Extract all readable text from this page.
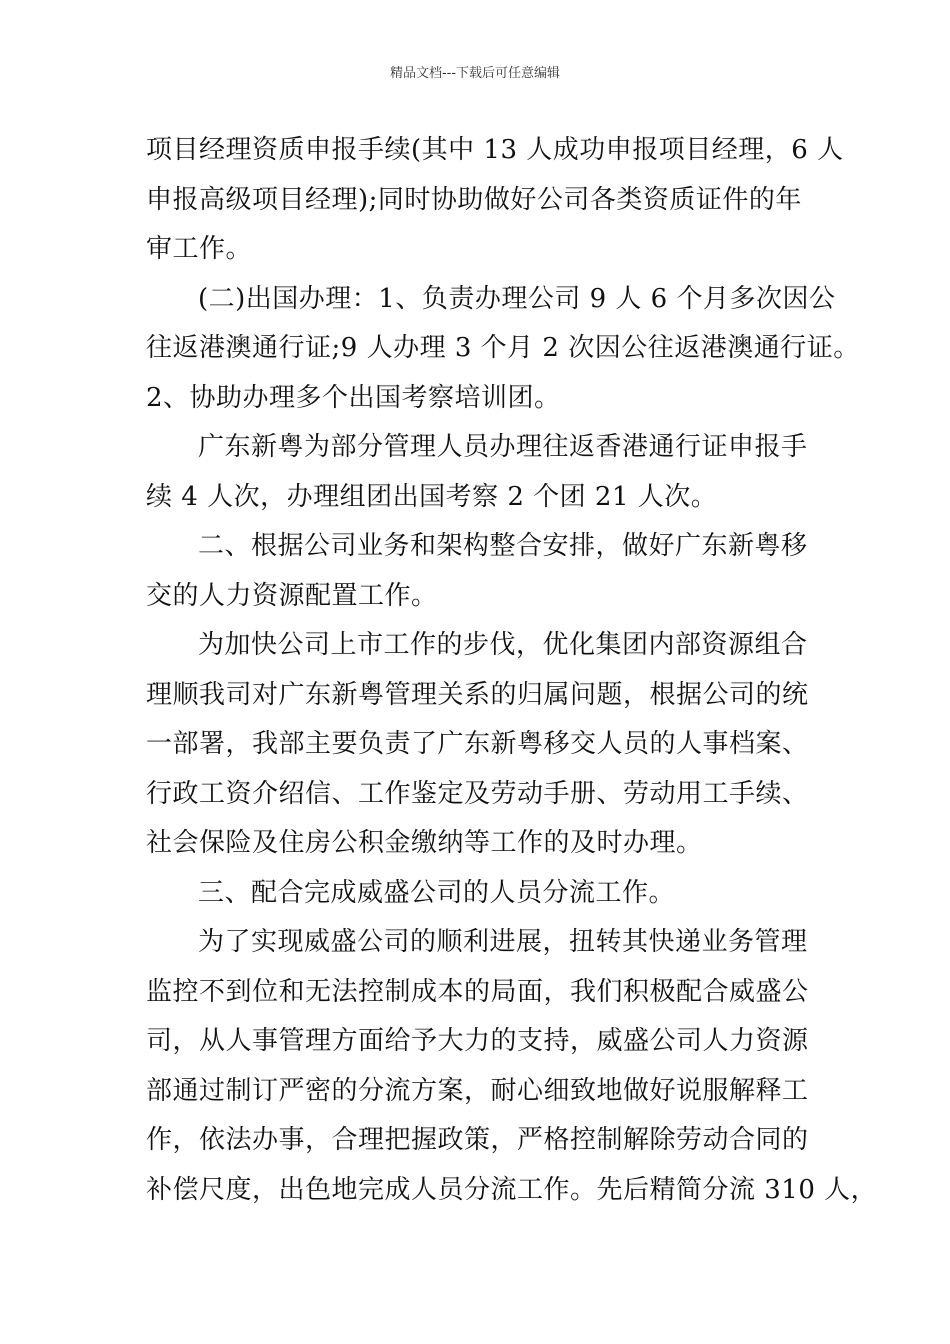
精品文档---下载后可任意编辑
项目经理资质申报手续(其中 13 人成功申报项目经理，6 人
申报高级项目经理);同时协助做好公司各类资质证件的年
审工作。
(二)出国办理：1、负责办理公司 9 人 6 个月多次因公
往返港澳通行证;9 人办理 3 个月 2 次因公往返港澳通行证。
2、协助办理多个出国考察培训团。
广东新粤为部分管理人员办理往返香港通行证申报手
续 4 人次，办理组团出国考察 2 个团 21 人次。
二、根据公司业务和架构整合安排，做好广东新粤移
交的人力资源配置工作。
为加快公司上市工作的步伐，优化集团内部资源组合
理顺我司对广东新粤管理关系的归属问题，根据公司的统
一部署，我部主要负责了广东新粤移交人员的人事档案、
行政工资介绍信、工作鉴定及劳动手册、劳动用工手续、
社会保险及住房公积金缴纳等工作的及时办理。
三、配合完成威盛公司的人员分流工作。
为了实现威盛公司的顺利进展，扭转其快递业务管理
监控不到位和无法控制成本的局面，我们积极配合威盛公
司，从人事管理方面给予大力的支持，威盛公司人力资源
部通过制订严密的分流方案，耐心细致地做好说服解释工
作，依法办事，合理把握政策，严格控制解除劳动合同的
补偿尺度，出色地完成人员分流工作。先后精简分流 310 人，
